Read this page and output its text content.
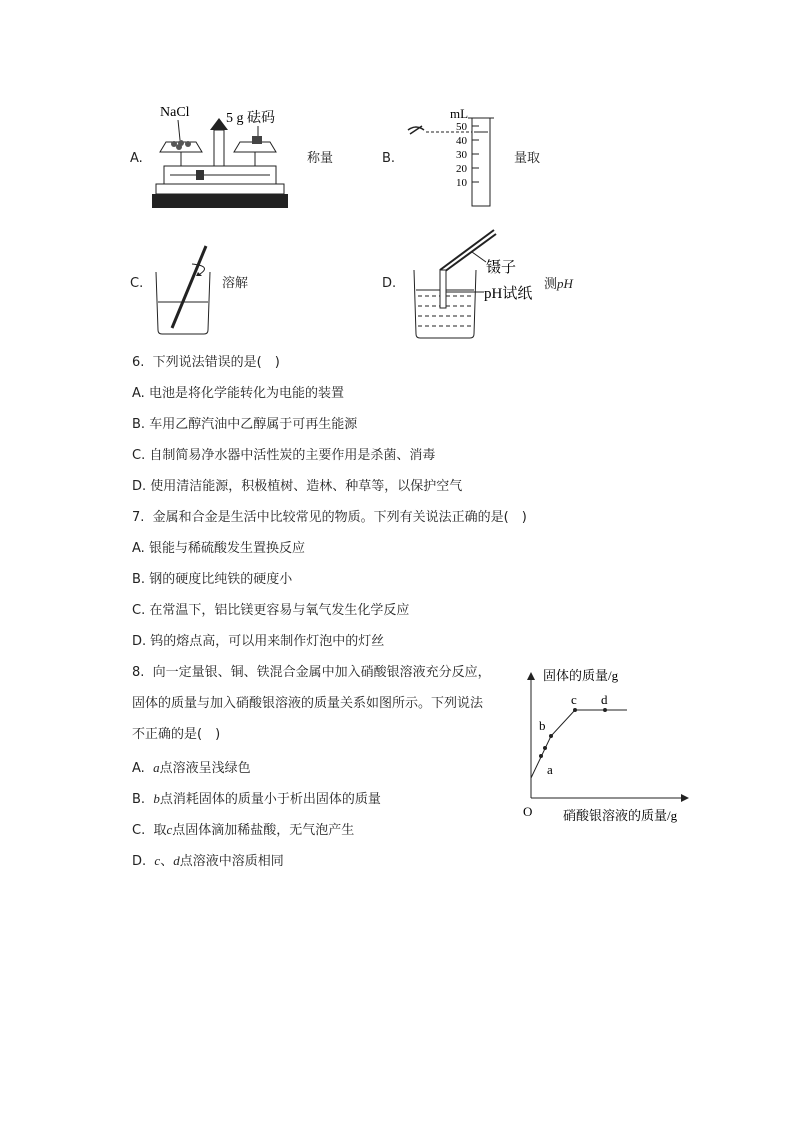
A.
NaCl	5 g 砝码
称量	B.
mL
50
40
30
20
10
量取
C.	溶解	D.
镊子
pH试纸
测pH
6. 下列说法错误的是(　)
A. 电池是将化学能转化为电能的装置
B. 车用乙醇汽油中乙醇属于可再生能源
C. 自制简易净水器中活性炭的主要作用是杀菌、消毒
D. 使用清洁能源，积极植树、造林、种草等，以保护空气
7. 金属和合金是生活中比较常见的物质。下列有关说法正确的是(　)
A. 银能与稀硫酸发生置换反应
B. 钢的硬度比纯铁的硬度小
C. 在常温下，铝比镁更容易与氧气发生化学反应
D. 钨的熔点高，可以用来制作灯泡中的灯丝
8. 向一定量银、铜、铁混合金属中加入硝酸银溶液充分反应，
固体的质量与加入硝酸银溶液的质量关系如图所示。下列说法
不正确的是(　)
A. a点溶液呈浅绿色
B. b点消耗固体的质量小于析出固体的质量
C. 取c点固体滴加稀盐酸，无气泡产生
D. c、d点溶液中溶质相同
固体的质量/g
硝酸银溶液的质量/g
O
a
b
c d
